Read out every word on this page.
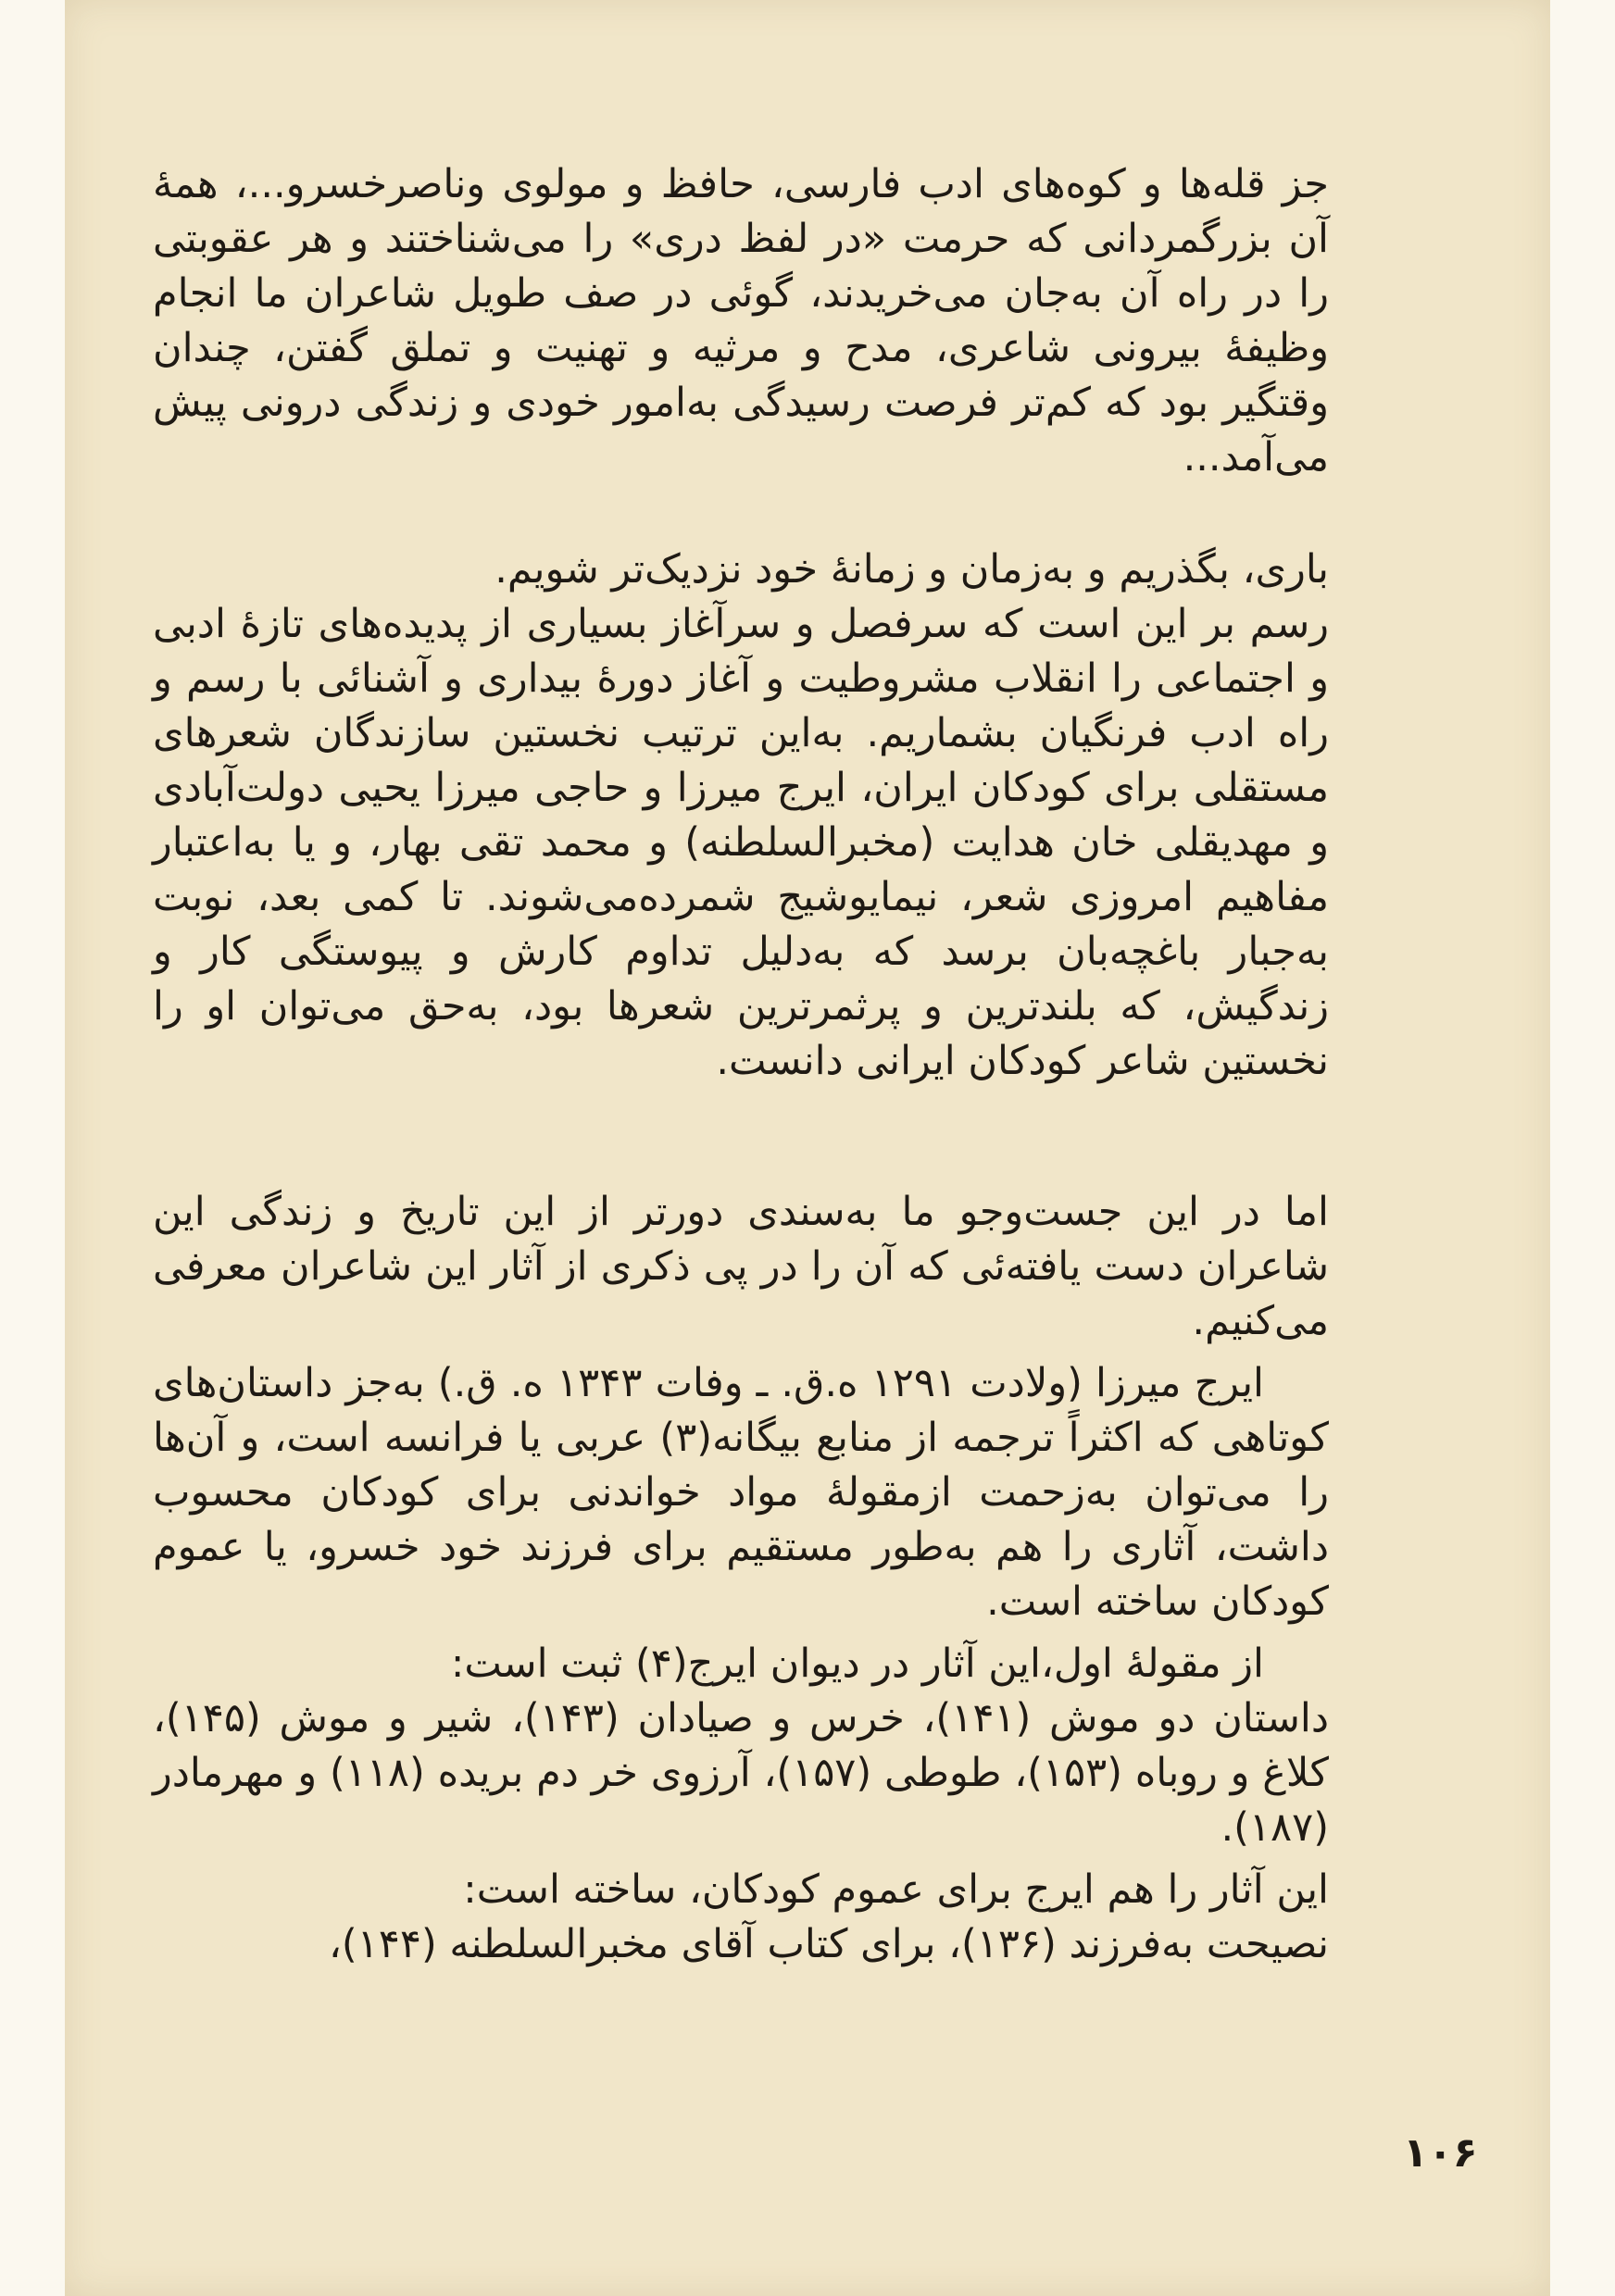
جز قله‌ها و کوه‌های ادب فارسی، حافظ و مولوی وناصرخسرو...، همهٔ آن بزرگمردانی که حرمت «در لفظ دری» را می‌شناختند و هر عقوبتی را در راه آن به‌جان می‌خریدند، گوئی در صف طویل شاعران ما انجام وظیفهٔ بیرونی شاعری، مدح و مرثیه و تهنیت و تملق گفتن، چندان وقتگیر بود که کم‌تر فرصت رسیدگی به‌امور خودی و زندگی درونی پیش می‌آمد...

باری، بگذریم و به‌زمان و زمانهٔ خود نزدیک‌تر شویم.

رسم بر این است که سرفصل و سرآغاز بسیاری از پدیده‌های تازهٔ ادبی و اجتماعی را انقلاب مشروطیت و آغاز دورهٔ بیداری و آشنائی با رسم و راه ادب فرنگیان بشماریم. به‌این ترتیب نخستین سازندگان شعرهای مستقلی برای کودکان ایران، ایرج میرزا و حاجی میرزا یحیی دولت‌آبادی و مهدیقلی خان هدایت (مخبرالسلطنه) و محمد تقی بهار، و یا به‌اعتبار مفاهیم امروزی شعر، نیمایوشیج شمرده‌می‌شوند. تا کمی بعد، نوبت به‌جبار باغچه‌بان برسد که به‌دلیل تداوم کارش و پیوستگی کار و زندگیش، که بلندترین و پرثمرترین شعرها بود، به‌حق می‌توان او را نخستین شاعر کودکان ایرانی دانست.

اما در این جست‌وجو ما به‌سندی دورتر از این تاریخ و زندگی این شاعران دست یافته‌ئی که آن را در پی ذکری از آثار این شاعران معرفی می‌کنیم.

ایرج میرزا (ولادت ۱۲۹۱ ه.ق. ـ وفات ۱۳۴۳ ه. ق.) به‌جز داستان‌های کوتاهی که اکثراً ترجمه از منابع بیگانه(۳) عربی یا فرانسه است، و آن‌ها را می‌توان به‌زحمت ازمقولهٔ مواد خواندنی برای کودکان محسوب داشت، آثاری را هم به‌طور مستقیم برای فرزند خود خسرو، یا عموم کودکان ساخته است.

از مقولهٔ اول،این آثار در دیوان ایرج(۴) ثبت است:

داستان دو موش (۱۴۱)، خرس و صیادان (۱۴۳)، شیر و موش (۱۴۵)، کلاغ و روباه (۱۵۳)، طوطی (۱۵۷)، آرزوی خر دم بریده (۱۱۸) و مهرمادر (۱۸۷).

این آثار را هم ایرج برای عموم کودکان، ساخته است:

نصیحت به‌فرزند (۱۳۶)، برای کتاب آقای مخبرالسلطنه (۱۴۴)،

۱۰۶
